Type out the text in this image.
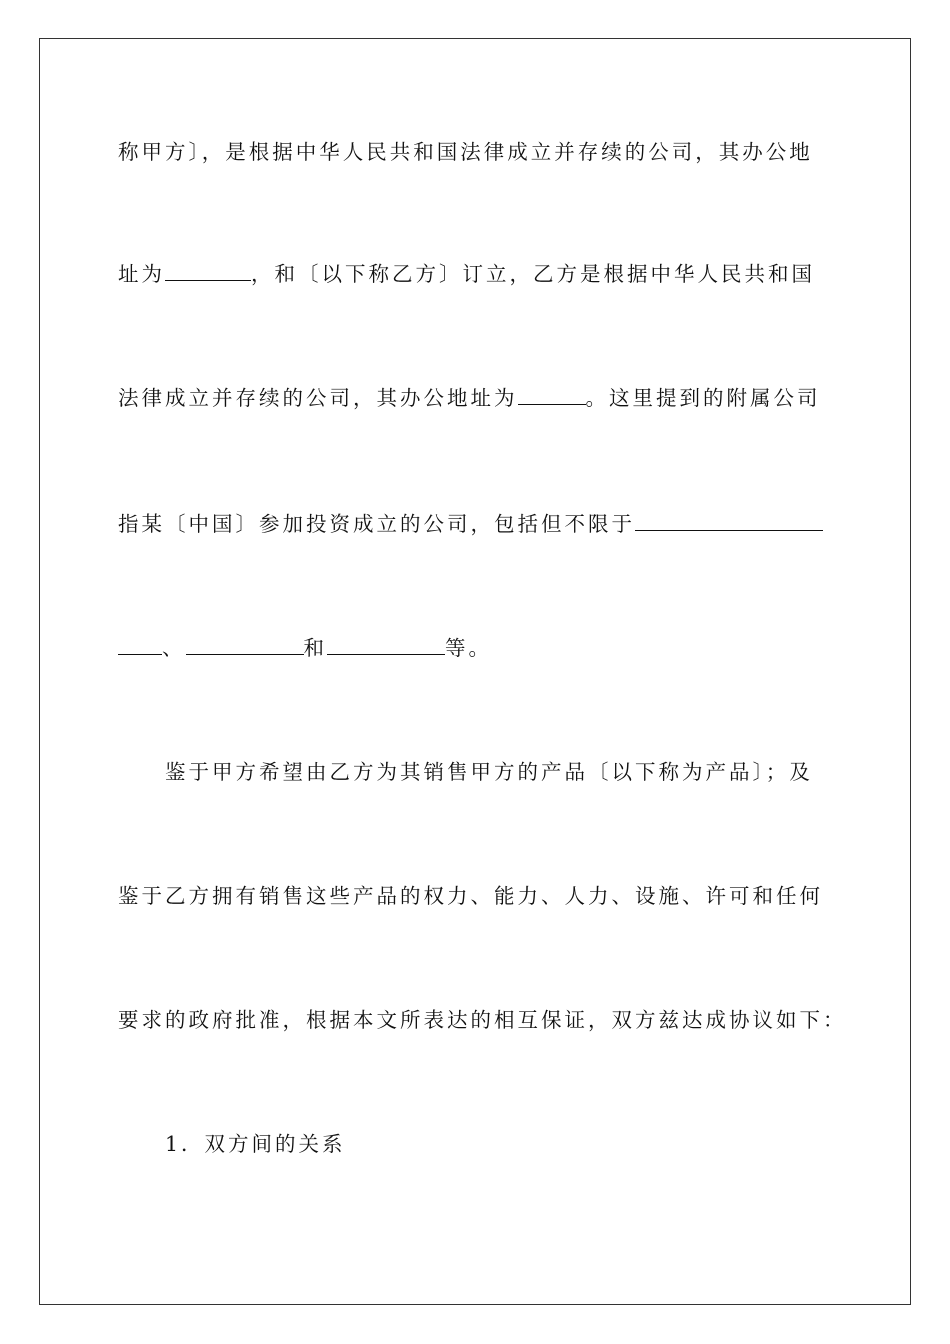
称甲方〕，是根据中华人民共和国法律成立并存续的公司，其办公地
址为	，和〔以下称乙方〕订立，乙方是根据中华人民共和国
法律成立并存续的公司，其办公地址为	。这里提到的附属公司
指某〔中国〕参加投资成立的公司，包括但不限于
、	和	等。
鉴于甲方希望由乙方为其销售甲方的产品〔以下称为产品〕；及
鉴于乙方拥有销售这些产品的权力、能力、人力、设施、许可和任何
要求的政府批准，根据本文所表达的相互保证，双方兹达成协议如下：
1．双方间的关系
